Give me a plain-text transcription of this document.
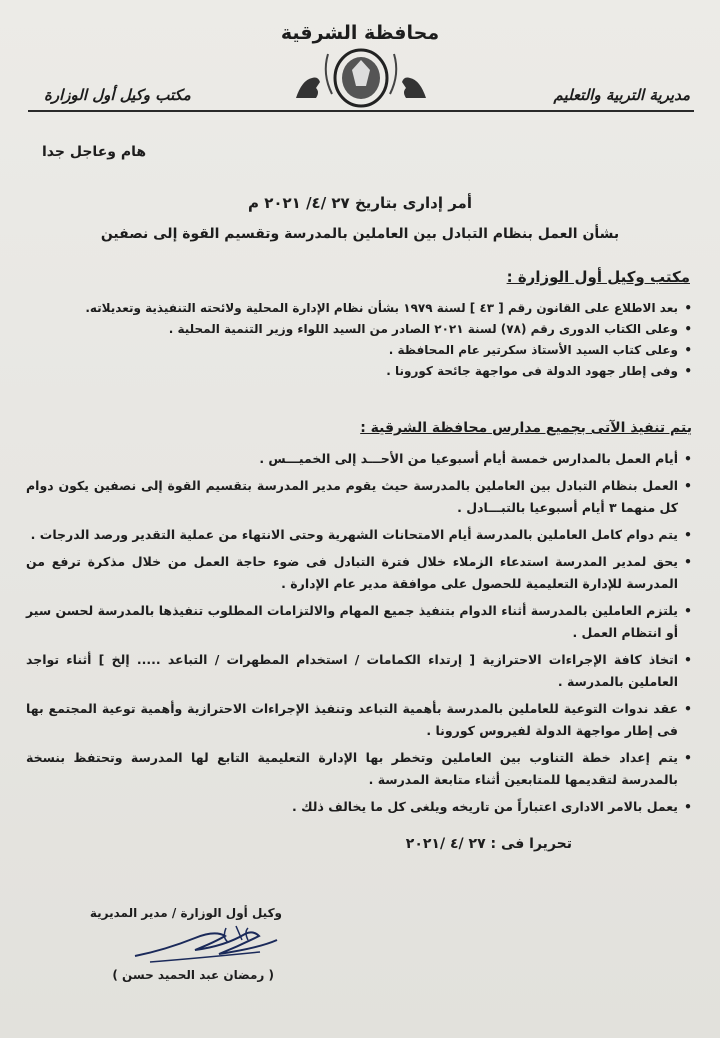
محافظة الشرقية
مكتب وكيل أول الوزارة	مديرية التربية والتعليم
هام وعاجل جدا
أمر إدارى بتاريخ ٢٧ /٤/ ٢٠٢١ م
بشأن العمل بنظام التبادل بين العاملين بالمدرسة وتقسيم القوة إلى نصفين
مكتب وكيل أول الوزارة :
• بعد الاطلاع على القانون رقم [ ٤٣ ] لسنة ١٩٧٩ بشأن نظام الإدارة المحلية ولائحته التنفيذية وتعديلاته.
• وعلى الكتاب الدورى رقم (٧٨) لسنة ٢٠٢١ الصادر من السيد اللواء وزير التنمية المحلية .
• وعلى كتاب السيد الأستاذ سكرتير عام المحافظة .
• وفى إطار جهود الدولة فى مواجهة جائحة كورونا .
يتم تنفيذ الآتى بجميع مدارس محافظة الشرقية :
• أيام العمل بالمدارس خمسة أيام أسبوعيا من الأحـــد إلى الخميـــس .
• العمل بنظام التبادل بين العاملين بالمدرسة حيث يقوم مدير المدرسة بتقسيم القوة إلى نصفين يكون دوام كل منهما ٣ أيام أسبوعيا بالتبـــادل .
• يتم دوام كامل العاملين بالمدرسة أيام الامتحانات الشهرية وحتى الانتهاء من عملية التقدير ورصد الدرجات .
• يحق لمدير المدرسة استدعاء الزملاء خلال فترة التبادل فى ضوء حاجة العمل من خلال مذكرة ترفع من المدرسة للإدارة التعليمية للحصول على موافقة مدير عام الإدارة .
• يلتزم العاملين بالمدرسة أثناء الدوام بتنفيذ جميع المهام والالتزامات المطلوب تنفيذها بالمدرسة لحسن سير أو انتظام العمل .
• اتخاذ كافة الإجراءات الاحترازية [ إرتداء الكمامات / استخدام المطهرات / التباعد ..... إلخ ] أثناء تواجد العاملين بالمدرسة .
• عقد ندوات التوعية للعاملين بالمدرسة بأهمية التباعد وتنفيذ الإجراءات الاحترازية وأهمية توعية المجتمع بها فى إطار مواجهة الدولة لفيروس كورونا .
• يتم إعداد خطة التناوب بين العاملين وتخطر بها الإدارة التعليمية التابع لها المدرسة وتحتفظ بنسخة بالمدرسة لتقديمها للمتابعين أثناء متابعة المدرسة .
• يعمل بالامر الادارى اعتباراً من تاريخه ويلغى كل ما يخالف ذلك .
تحريرا فى : ٢٧ /٤ /٢٠٢١
وكيل أول الوزارة / مدير المديرية
( رمضان عبد الحميد حسن )
